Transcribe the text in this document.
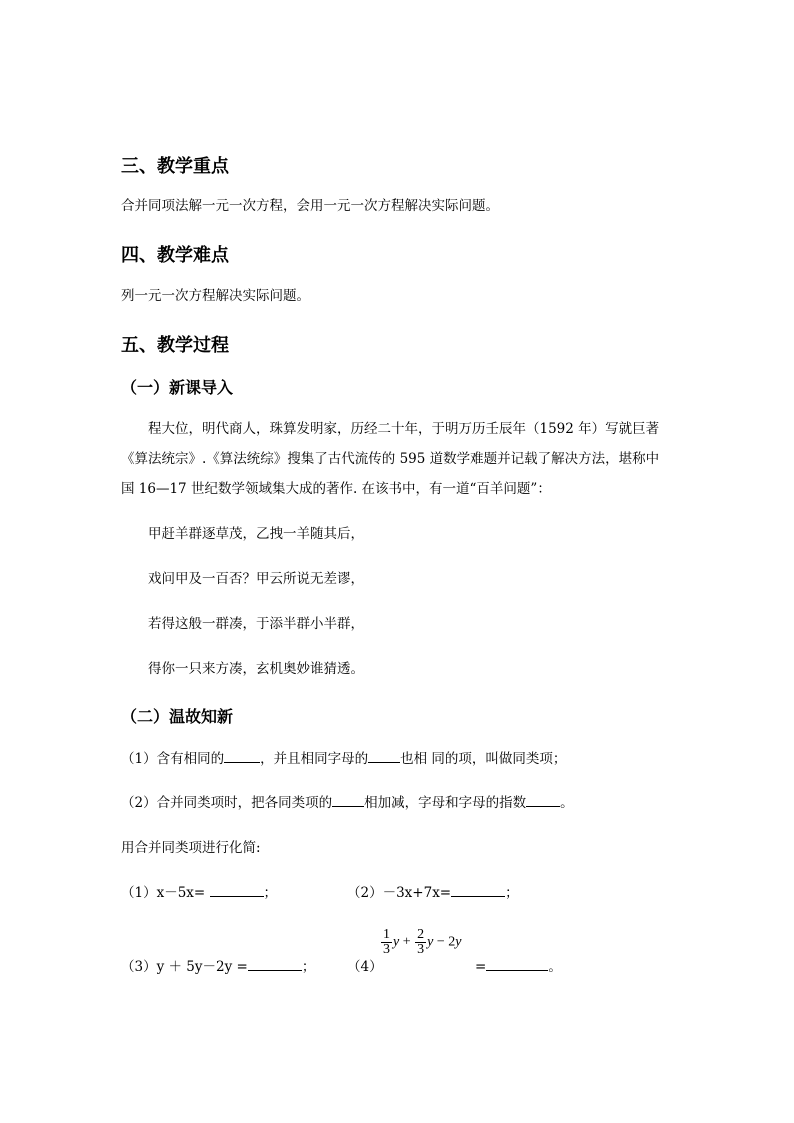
三、教学重点
合并同项法解一元一次方程，会用一元一次方程解决实际问题。
四、教学难点
列一元一次方程解决实际问题。
五、教学过程
（一）新课导入
程大位，明代商人，珠算发明家，历经二十年，于明万历壬辰年（1592 年）写就巨著
《算法统宗》.《算法统综》搜集了古代流传的 595 道数学难题并记载了解决方法，堪称中
国 16—17 世纪数学领域集大成的著作. 在该书中，有一道“百羊问题”：
甲赶羊群逐草茂，乙拽一羊随其后，
戏问甲及一百否？甲云所说无差谬，
若得这般一群凑，于添半群小半群，
得你一只来方凑，玄机奥妙谁猜透。
（二）温故知新
（1）含有相同的	，并且相同字母的 也相 同的项，叫做同类项；
（2）合并同类项时，把各同类项的 相加减，字母和字母的指数	。
用合并同类项进行化简:
（1）x－5x=	；	（2）－3x+7x=	；
（3）y ＋ 5y－2y =	； （4）
$\frac{1}{3}$ $y + \frac{2}{3}$ y − 2y
=	。
